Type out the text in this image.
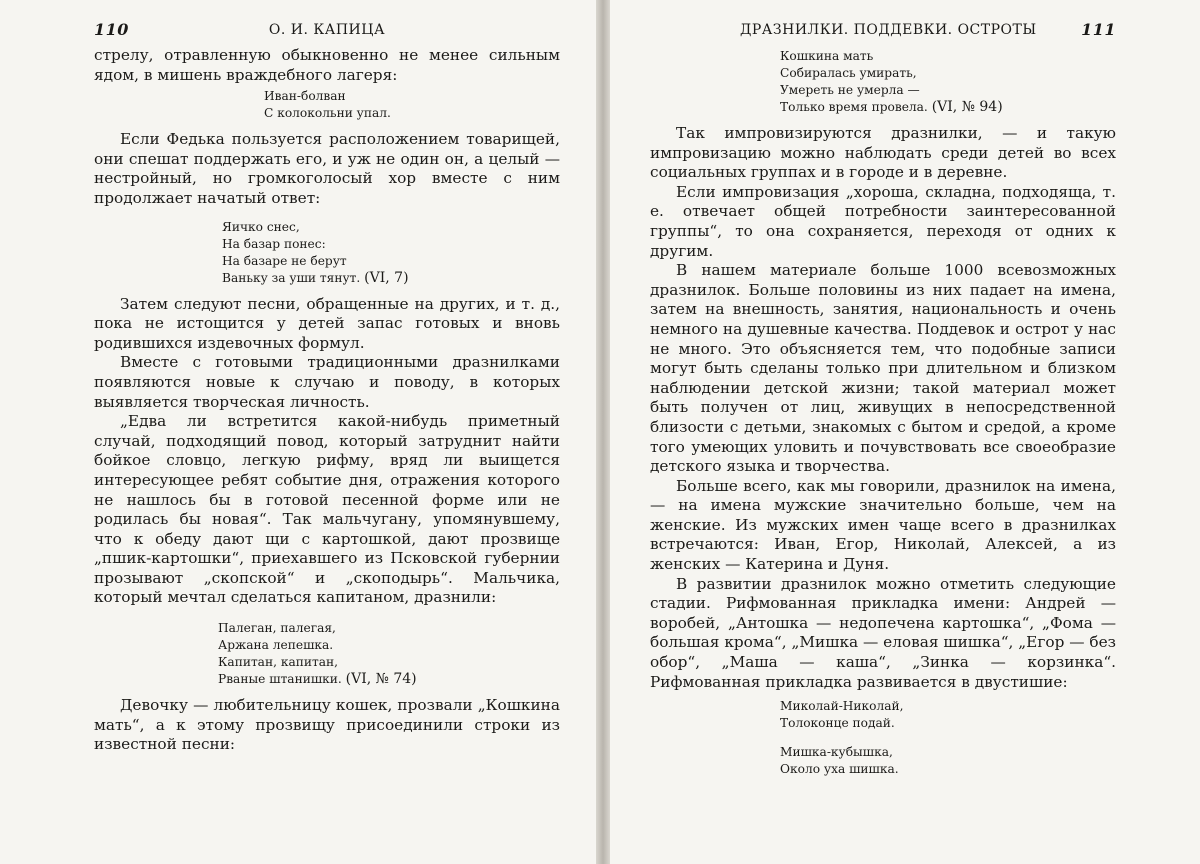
110	О. И. КАПИЦА

стрелу, отравленную обыкновенно не менее сильным ядом, в мишень враждебного лагеря:

Иван-болван
С колокольни упал.

Если Федька пользуется расположением товарищей, они спешат поддержать его, и уж не один он, а целый — нестройный, но громкоголосый хор вместе с ним продолжает начатый ответ:

Яичко снес,
На базар понес:
На базаре не берут
Ваньку за уши тянут. (VI, 7)

Затем следуют песни, обращенные на других, и т. д., пока не истощится у детей запас готовых и вновь родившихся издевочных формул.

Вместе с готовыми традиционными дразнилками появляются новые к случаю и поводу, в которых выявляется творческая личность.

„Едва ли встретится какой-нибудь приметный случай, подходящий повод, который затруднит найти бойкое словцо, легкую рифму, вряд ли выищется интересующее ребят событие дня, отражения которого не нашлось бы в готовой песенной форме или не родилась бы новая“. Так мальчугану, упомянувшему, что к обеду дают щи с картошкой, дают прозвище „пшик-картошки“, приехавшего из Псковской губернии прозывают „скопской“ и „скоподырь“. Мальчика, который мечтал сделаться капитаном, дразнили:

Палеган, палегая,
Аржана лепешка.
Капитан, капитан,
Рваные штанишки. (VI, № 74)

Девочку — любительницу кошек, прозвали „Кошкина мать“, а к этому прозвищу присоединили строки из известной песни:

ДРАЗНИЛКИ. ПОДДЕВКИ. ОСТРОТЫ	111
Кошкина мать
Собиралась умирать,
Умереть не умерла —
Только время провела. (VI, № 94)

Так импровизируются дразнилки, — и такую импровизацию можно наблюдать среди детей во всех социальных группах и в городе и в деревне.

Если импровизация „хороша, складна, подходяща, т. е. отвечает общей потребности заинтересованной группы“, то она сохраняется, переходя от одних к другим.

В нашем материале больше 1000 всевозможных дразнилок. Больше половины из них падает на имена, затем на внешность, занятия, национальность и очень немного на душевные качества. Поддевок и острот у нас не много. Это объясняется тем, что подобные записи могут быть сделаны только при длительном и близком наблюдении детской жизни; такой материал может быть получен от лиц, живущих в непосредственной близости с детьми, знакомых с бытом и средой, а кроме того умеющих уловить и почувствовать все своеобразие детского языка и творчества.

Больше всего, как мы говорили, дразнилок на имена, — на имена мужские значительно больше, чем на женские. Из мужских имен чаще всего в дразнилках встречаются: Иван, Егор, Николай, Алексей, а из женских — Катерина и Дуня.

В развитии дразнилок можно отметить следующие стадии. Рифмованная прикладка имени: Андрей — воробей, „Антошка — недопечена картошка“, „Фома — большая крома“, „Мишка — еловая шишка“, „Егор — без обор“, „Маша — каша“, „Зинка — корзинка“. Рифмованная прикладка развивается в двустишие:

Миколай-Николай,
Толоконце подай.
Мишка-кубышка,
Около уха шишка.
